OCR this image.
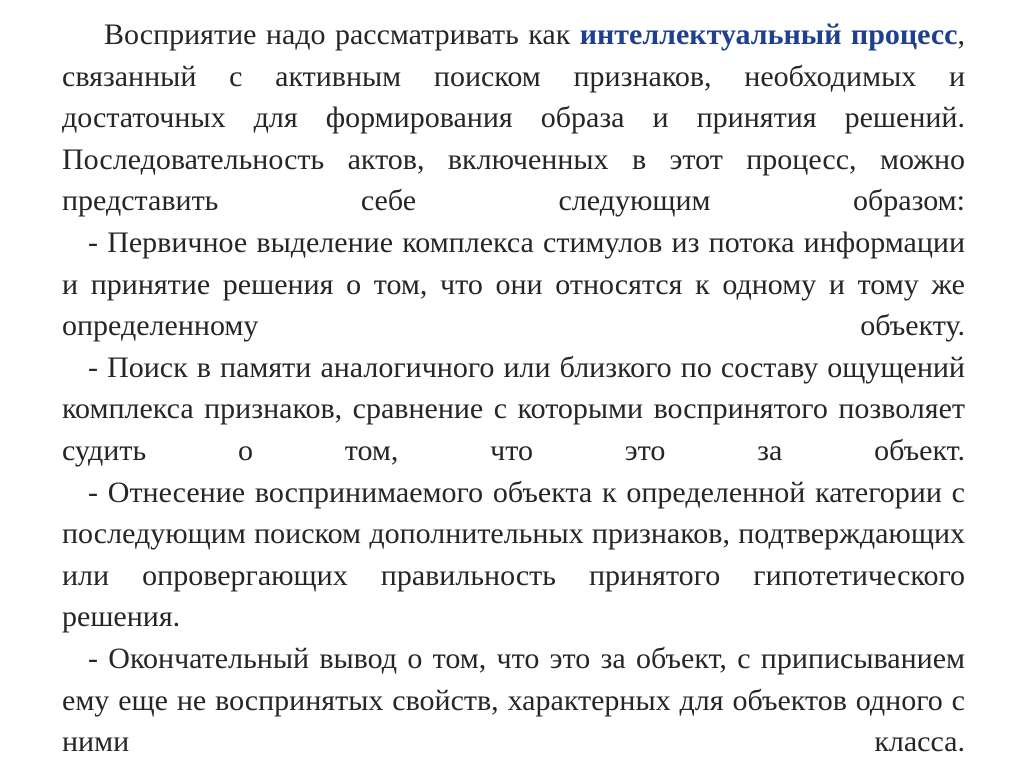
Восприятие надо рассматривать как интеллектуальный процесс, связанный с активным поиском признаков, необходимых и достаточных для формирования образа и принятия решений. Последовательность актов, включенных в этот процесс, можно представить себе следующим образом:

- Первичное выделение комплекса стимулов из потока информации и принятие решения о том, что они относятся к одному и тому же определенному объекту.

- Поиск в памяти аналогичного или близкого по составу ощущений комплекса признаков, сравнение с которыми воспринятого позволяет судить о том, что это за объект.

- Отнесение воспринимаемого объекта к определенной категории с последующим поиском дополнительных признаков, подтверждающих или опровергающих правильность принятого гипотетического решения.

- Окончательный вывод о том, что это за объект, с приписыванием ему еще не воспринятых свойств, характерных для объектов одного с ними класса.
